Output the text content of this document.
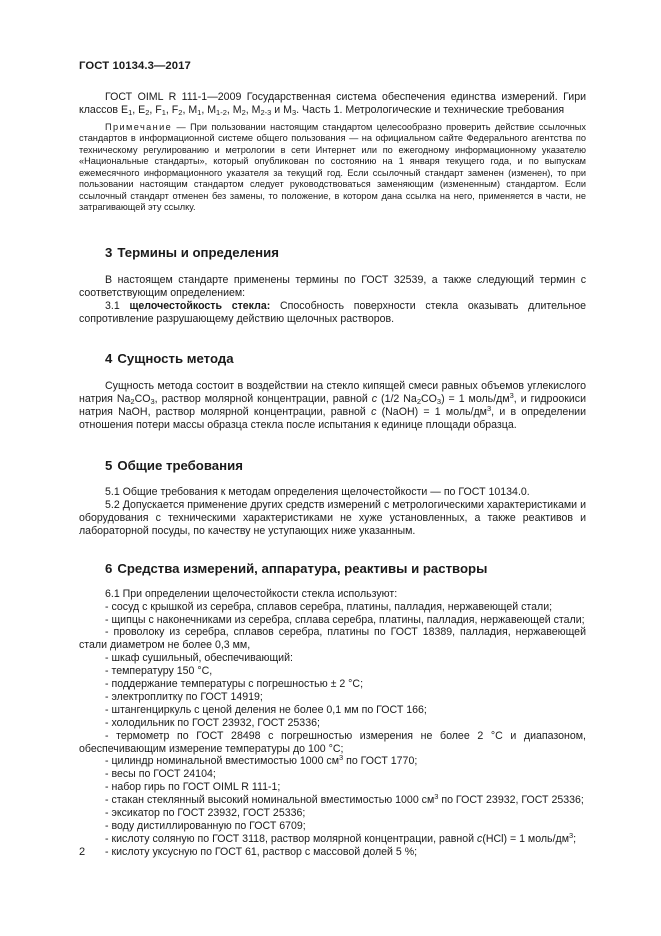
ГОСТ 10134.3—2017

ГОСТ OIML R 111-1—2009 Государственная система обеспечения единства измерений. Гири классов $E_1$, $E_2$, $F_1$, $F_2$, $M_1$, $M_{1-2}$, $M_2$, $M_{2-3}$ и $M_3$. Часть 1. Метрологические и технические требования

Примечание — При пользовании настоящим стандартом целесообразно проверить действие ссылочных стандартов в информационной системе общего пользования — на официальном сайте Федерального агентства по техническому регулированию и метрологии в сети Интернет или по ежегодному информационному указателю «Национальные стандарты», который опубликован по состоянию на 1 января текущего года, и по выпускам ежемесячного информационного указателя за текущий год. Если ссылочный стандарт заменен (изменен), то при пользовании настоящим стандартом следует руководствоваться заменяющим (измененным) стандартом. Если ссылочный стандарт отменен без замены, то положение, в котором дана ссылка на него, применяется в части, не затрагивающей эту ссылку.

3 Термины и определения

В настоящем стандарте применены термины по ГОСТ 32539, а также следующий термин с соответствующим определением:

3.1 щелочестойкость стекла: Способность поверхности стекла оказывать длительное сопротивление разрушающему действию щелочных растворов.

4 Сущность метода

Сущность метода состоит в воздействии на стекло кипящей смеси равных объемов углекислого натрия $Na_2CO_3$, раствор молярной концентрации, равной c (1/2 $Na_2CO_3) = 1$ моль/$дм^3$, и гидроокиси натрия NaOH, раствор молярной концентрации, равной c (NaOH) = 1 моль/$дм^3$, и в определении отношения потери массы образца стекла после испытания к единице площади образца.

5 Общие требования

5.1 Общие требования к методам определения щелочестойкости — по ГОСТ 10134.0.

5.2 Допускается применение других средств измерений с метрологическими характеристиками и оборудования с техническими характеристиками не хуже установленных, а также реактивов и лабораторной посуды, по качеству не уступающих ниже указанным.

6 Средства измерений, аппаратура, реактивы и растворы

6.1 При определении щелочестойкости стекла используют:

- сосуд с крышкой из серебра, сплавов серебра, платины, палладия, нержавеющей стали;
- щипцы с наконечниками из серебра, сплава серебра, платины, палладия, нержавеющей стали;
- проволоку из серебра, сплавов серебра, платины по ГОСТ 18389, палладия, нержавеющей стали диаметром не более 0,3 мм,
- шкаф сушильный, обеспечивающий:
- температуру 150 °С,
- поддержание температуры с погрешностью ± 2 °С;
- электроплитку по ГОСТ 14919;
- штангенциркуль с ценой деления не более 0,1 мм по ГОСТ 166;
- холодильник по ГОСТ 23932, ГОСТ 25336;
- термометр по ГОСТ 28498 с погрешностью измерения не более 2 °С и диапазоном, обеспечивающим измерение температуры до 100 °С;
- цилиндр номинальной вместимостью 1000 $см^3$ по ГОСТ 1770;
- весы по ГОСТ 24104;
- набор гирь по ГОСТ OIML R 111-1;
- стакан стеклянный высокий номинальной вместимостью 1000 $см^3$ по ГОСТ 23932, ГОСТ 25336;
- эксикатор по ГОСТ 23932, ГОСТ 25336;
- воду дистиллированную по ГОСТ 6709;
- кислоту соляную по ГОСТ 3118, раствор молярной концентрации, равной c(HCl) = 1 моль/$дм^3$;
- кислоту уксусную по ГОСТ 61, раствор с массовой долей 5 %;
2
